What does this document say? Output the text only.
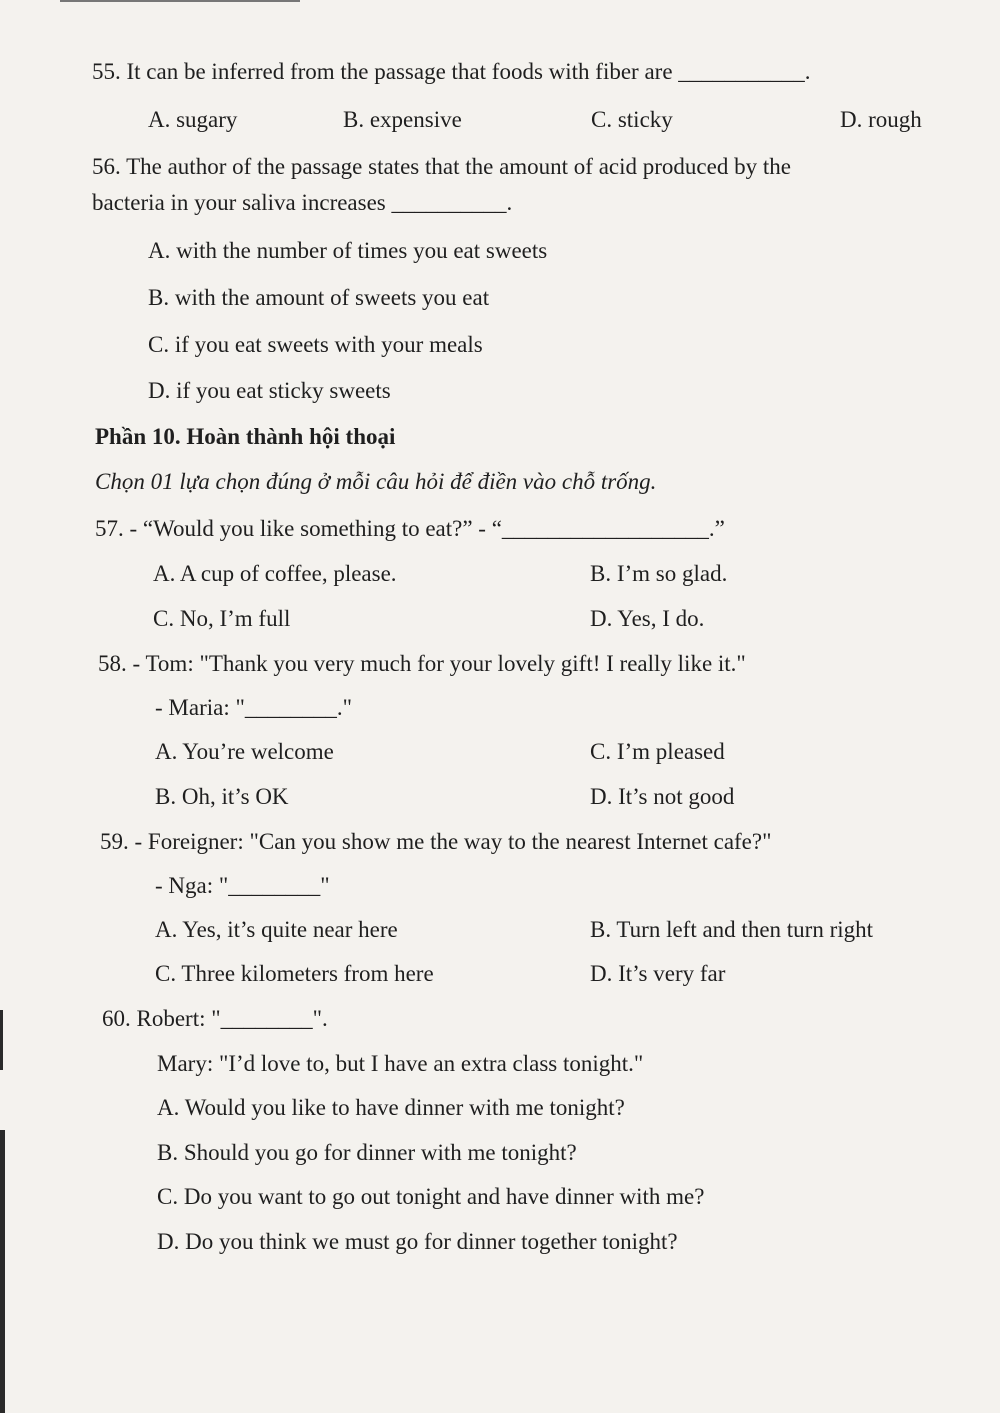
55. It can be inferred from the passage that foods with fiber are ___________.
A. sugary	B. expensive	C. sticky	D. rough
56. The author of the passage states that the amount of acid produced by the
bacteria in your saliva increases __________.
A. with the number of times you eat sweets
B. with the amount of sweets you eat
C. if you eat sweets with your meals
D. if you eat sticky sweets
Phần 10. Hoàn thành hội thoại
Chọn 01 lựa chọn đúng ở mỗi câu hỏi để điền vào chỗ trống.
57. - “Would you like something to eat?” - “__________________.”
A. A cup of coffee, please.	B. I’m so glad.
C. No, I’m full	D. Yes, I do.
58. - Tom: "Thank you very much for your lovely gift! I really like it."
- Maria: "________."
A. You’re welcome	C. I’m pleased
B. Oh, it’s OK	D. It’s not good
59. - Foreigner: "Can you show me the way to the nearest Internet cafe?"
- Nga: "________"
A. Yes, it’s quite near here	B. Turn left and then turn right
C. Three kilometers from here	D. It’s very far
60. Robert: "________".
Mary: "I’d love to, but I have an extra class tonight."
A. Would you like to have dinner with me tonight?
B. Should you go for dinner with me tonight?
C. Do you want to go out tonight and have dinner with me?
D. Do you think we must go for dinner together tonight?
